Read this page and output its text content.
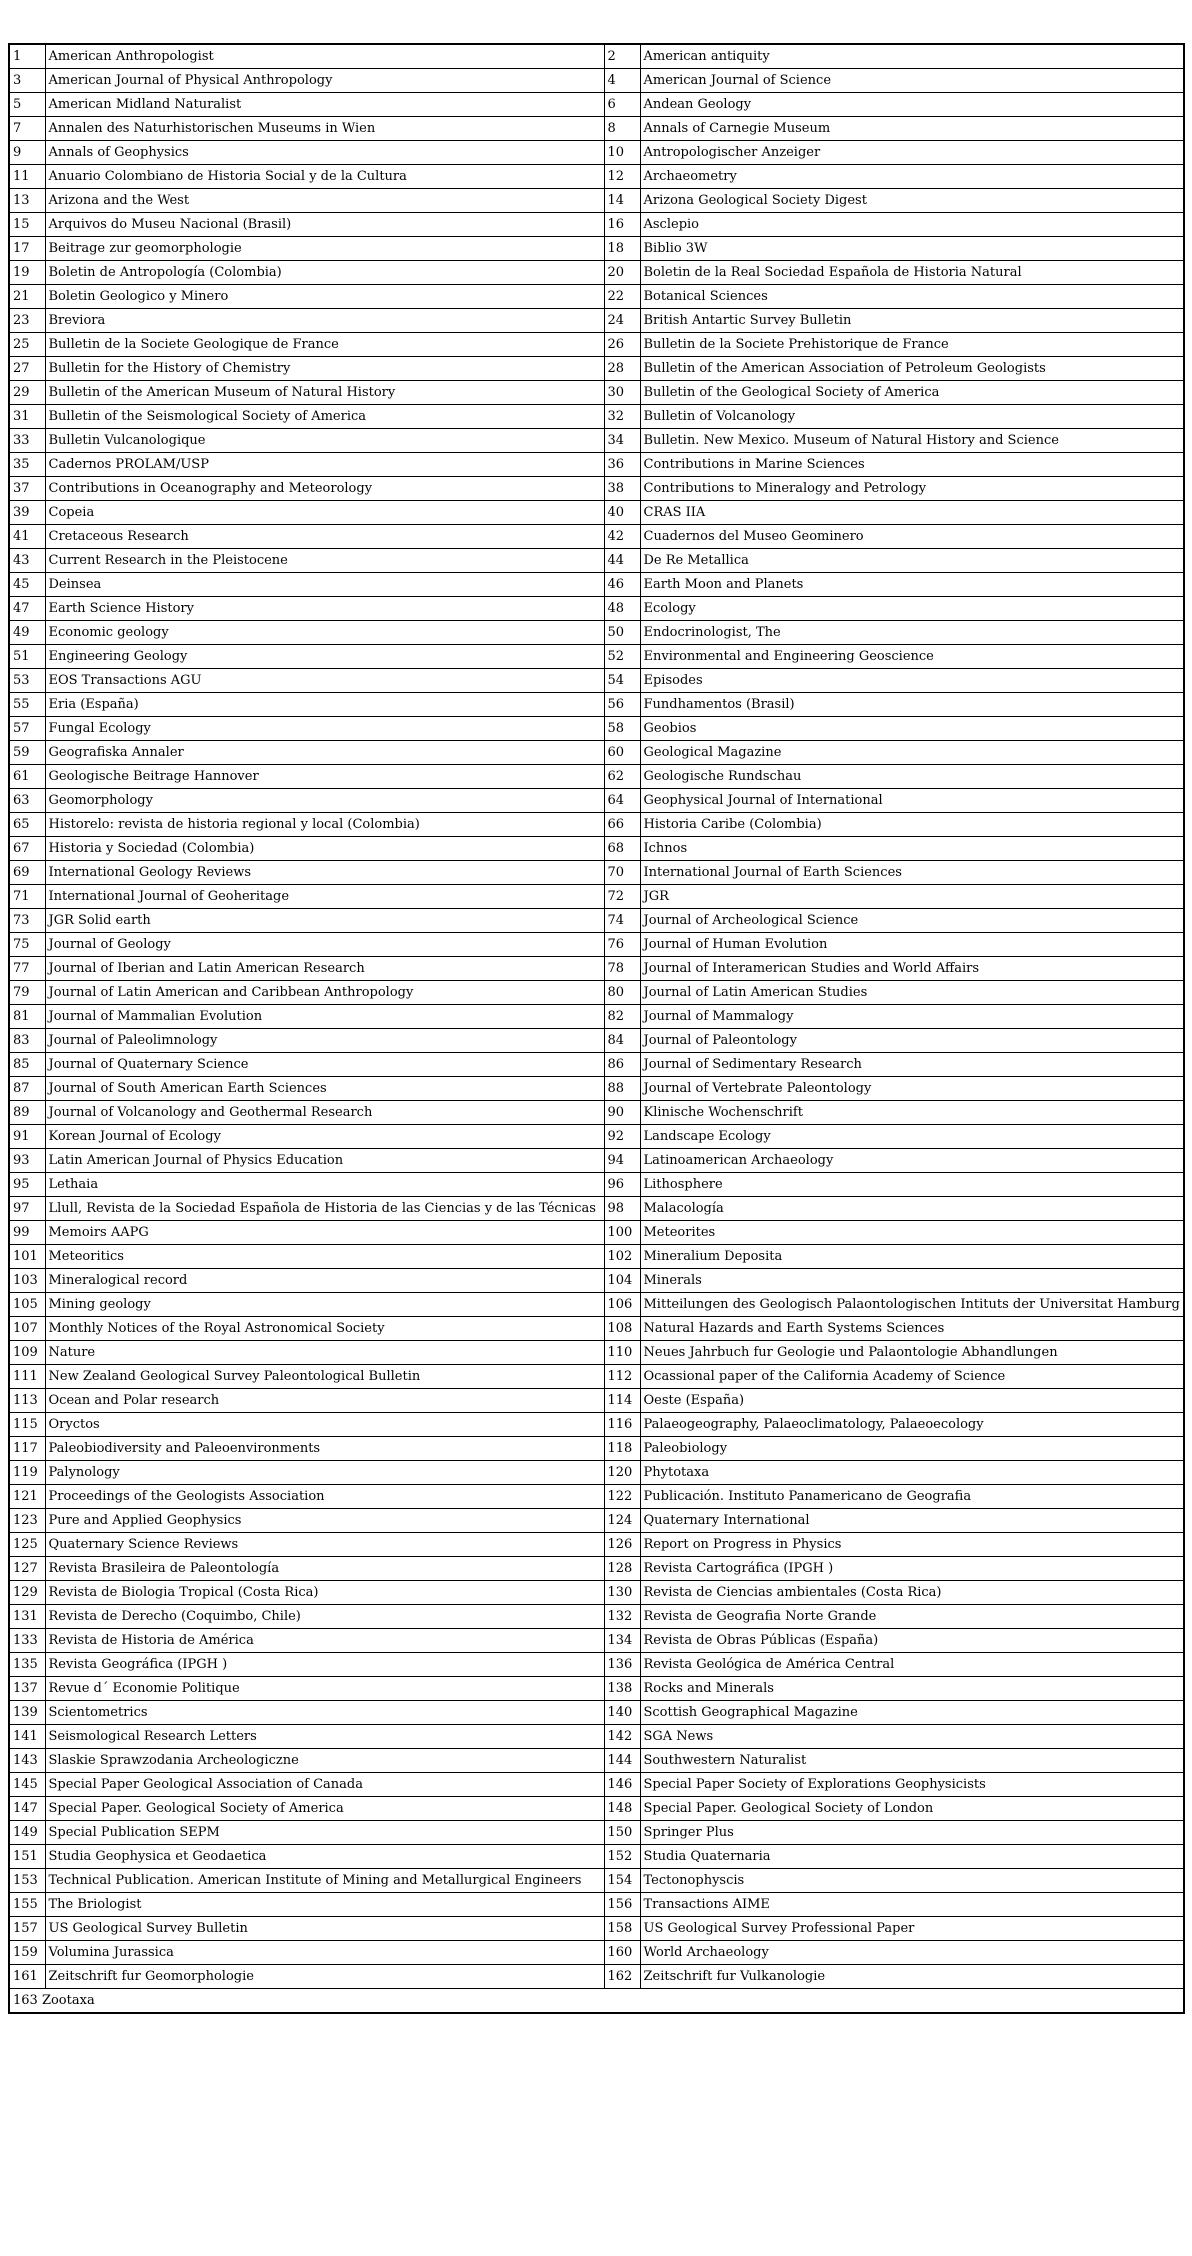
1	American Anthropologist	2	American antiquity
3	American Journal of Physical Anthropology	4	American Journal of Science
5	American Midland Naturalist	6	Andean Geology
7	Annalen des Naturhistorischen Museums in Wien	8	Annals of Carnegie Museum
9	Annals of Geophysics	10	Antropologischer Anzeiger
11	Anuario Colombiano de Historia Social y de la Cultura	12	Archaeometry
13	Arizona and the West	14	Arizona Geological Society Digest
15	Arquivos do Museu Nacional (Brasil)	16	Asclepio
17	Beitrage zur geomorphologie	18	Biblio 3W
19	Boletin de Antropología (Colombia)	20	Boletin de la Real Sociedad Española de Historia Natural
21	Boletin Geologico y Minero	22	Botanical Sciences
23	Breviora	24	British Antartic Survey Bulletin
25	Bulletin de la Societe Geologique de France	26	Bulletin de la Societe Prehistorique de France
27	Bulletin for the History of Chemistry	28	Bulletin of the American Association of Petroleum Geologists
29	Bulletin of the American Museum of Natural History	30	Bulletin of the Geological Society of America
31	Bulletin of the Seismological Society of America	32	Bulletin of Volcanology
33	Bulletin Vulcanologique	34	Bulletin. New Mexico. Museum of Natural History and Science
35	Cadernos PROLAM/USP	36	Contributions in Marine Sciences
37	Contributions in Oceanography and Meteorology	38	Contributions to Mineralogy and Petrology
39	Copeia	40	CRAS IIA
41	Cretaceous Research	42	Cuadernos del Museo Geominero
43	Current Research in the Pleistocene	44	De Re Metallica
45	Deinsea	46	Earth Moon and Planets
47	Earth Science History	48	Ecology
49	Economic geology	50	Endocrinologist, The
51	Engineering Geology	52	Environmental and Engineering Geoscience
53	EOS Transactions AGU	54	Episodes
55	Eria (España)	56	Fundhamentos (Brasil)
57	Fungal Ecology	58	Geobios
59	Geografiska Annaler	60	Geological Magazine
61	Geologische Beitrage Hannover	62	Geologische Rundschau
63	Geomorphology	64	Geophysical Journal of International
65	Historelo: revista de historia regional y local (Colombia)	66	Historia Caribe (Colombia)
67	Historia y Sociedad (Colombia)	68	Ichnos
69	International Geology Reviews	70	International Journal of Earth Sciences
71	International Journal of Geoheritage	72	JGR
73	JGR Solid earth	74	Journal of Archeological Science
75	Journal of Geology	76	Journal of Human Evolution
77	Journal of Iberian and Latin American Research	78	Journal of Interamerican Studies and World Affairs
79	Journal of Latin American and Caribbean Anthropology	80	Journal of Latin American Studies
81	Journal of Mammalian Evolution	82	Journal of Mammalogy
83	Journal of Paleolimnology	84	Journal of Paleontology
85	Journal of Quaternary Science	86	Journal of Sedimentary Research
87	Journal of South American Earth Sciences	88	Journal of Vertebrate Paleontology
89	Journal of Volcanology and Geothermal Research	90	Klinische Wochenschrift
91	Korean Journal of Ecology	92	Landscape Ecology
93	Latin American Journal of Physics Education	94	Latinoamerican Archaeology
95	Lethaia	96	Lithosphere
97	Llull, Revista de la Sociedad Española de Historia de las Ciencias y de las Técnicas	98	Malacología
99	Memoirs AAPG	100	Meteorites
101	Meteoritics	102	Mineralium Deposita
103	Mineralogical record	104	Minerals
105	Mining geology	106	Mitteilungen des Geologisch Palaontologischen Intituts der Universitat Hamburg
107	Monthly Notices of the Royal Astronomical Society	108	Natural Hazards and Earth Systems Sciences
109	Nature	110	Neues Jahrbuch fur Geologie und Palaontologie Abhandlungen
111	New Zealand Geological Survey Paleontological Bulletin	112	Ocassional paper of the California Academy of Science
113	Ocean and Polar research	114	Oeste (España)
115	Oryctos	116	Palaeogeography, Palaeoclimatology, Palaeoecology
117	Paleobiodiversity and Paleoenvironments	118	Paleobiology
119	Palynology	120	Phytotaxa
121	Proceedings of the Geologists Association	122	Publicación. Instituto Panamericano de Geografia
123	Pure and Applied Geophysics	124	Quaternary International
125	Quaternary Science Reviews	126	Report on Progress in Physics
127	Revista Brasileira de Paleontología	128	Revista Cartográfica (IPGH )
129	Revista de Biologia Tropical (Costa Rica)	130	Revista de Ciencias ambientales (Costa Rica)
131	Revista de Derecho (Coquimbo, Chile)	132	Revista de Geografia Norte Grande
133	Revista de Historia de América	134	Revista de Obras Públicas (España)
135	Revista Geográfica (IPGH )	136	Revista Geológica de América Central
137	Revue d´ Economie Politique	138	Rocks and Minerals
139	Scientometrics	140	Scottish Geographical Magazine
141	Seismological Research Letters	142	SGA News
143	Slaskie Sprawzodania Archeologiczne	144	Southwestern Naturalist
145	Special Paper Geological Association of Canada	146	Special Paper Society of Explorations Geophysicists
147	Special Paper. Geological Society of America	148	Special Paper. Geological Society of London
149	Special Publication SEPM	150	Springer Plus
151	Studia Geophysica et Geodaetica	152	Studia Quaternaria
153	Technical Publication. American Institute of Mining and Metallurgical Engineers	154	Tectonophyscis
155	The Briologist	156	Transactions AIME
157	US Geological Survey Bulletin	158	US Geological Survey Professional Paper
159	Volumina Jurassica	160	World Archaeology
161	Zeitschrift fur Geomorphologie	162	Zeitschrift fur Vulkanologie
163 Zootaxa			
